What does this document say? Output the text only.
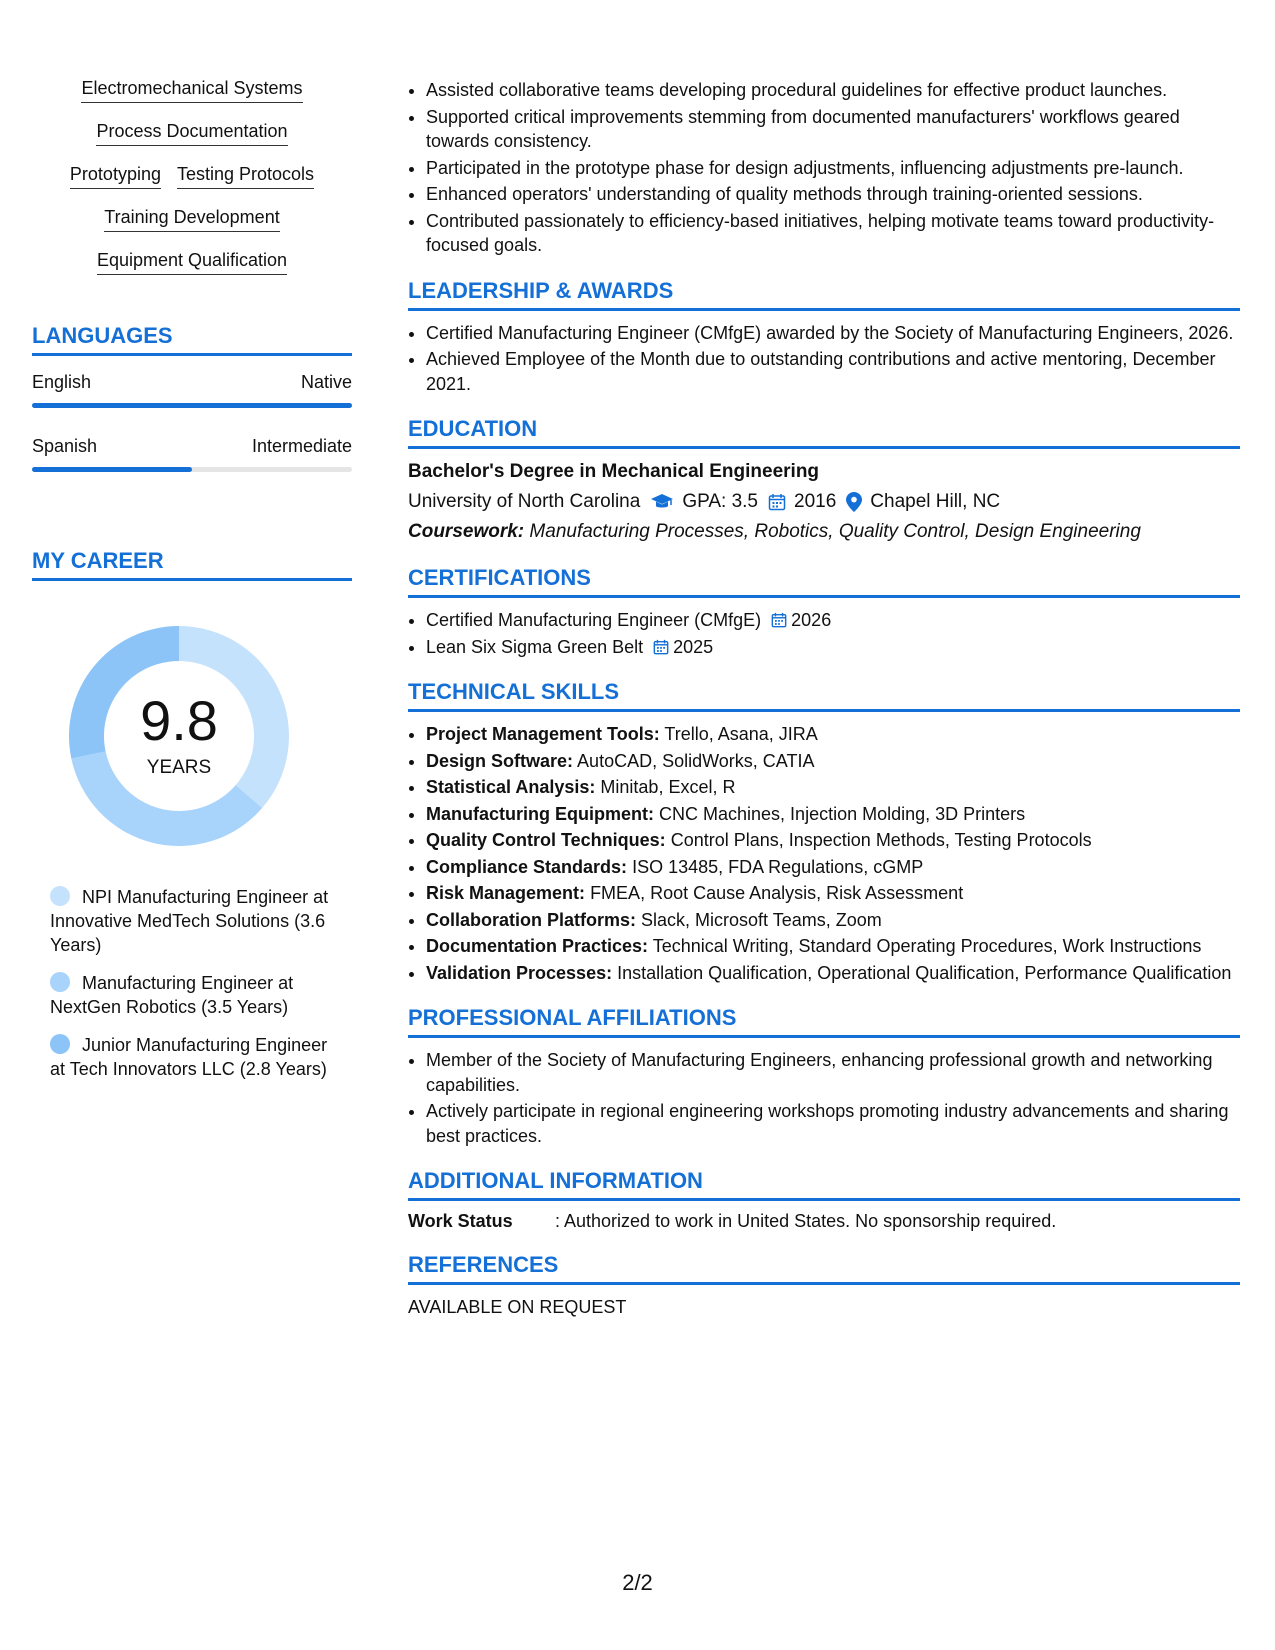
Electromechanical Systems
Process Documentation
Prototyping Testing Protocols
Training Development
Equipment Qualification
LANGUAGES
English	Native
Spanish	Intermediate
MY CAREER
9.8
YEARS
NPI Manufacturing Engineer at Innovative MedTech Solutions (3.6 Years)
Manufacturing Engineer at NextGen Robotics (3.5 Years)
Junior Manufacturing Engineer at Tech Innovators LLC (2.8 Years)
• Assisted collaborative teams developing procedural guidelines for effective product launches.
• Supported critical improvements stemming from documented manufacturers' workflows geared towards consistency.
• Participated in the prototype phase for design adjustments, influencing adjustments pre-launch.
• Enhanced operators' understanding of quality methods through training-oriented sessions.
• Contributed passionately to efficiency-based initiatives, helping motivate teams toward productivity-focused goals.
LEADERSHIP & AWARDS
• Certified Manufacturing Engineer (CMfgE) awarded by the Society of Manufacturing Engineers, 2026.
• Achieved Employee of the Month due to outstanding contributions and active mentoring, December 2021.
EDUCATION
Bachelor's Degree in Mechanical Engineering
University of North Carolina GPA: 3.5 2016 Chapel Hill, NC
Coursework: Manufacturing Processes, Robotics, Quality Control, Design Engineering
CERTIFICATIONS
• Certified Manufacturing Engineer (CMfgE) 2026
• Lean Six Sigma Green Belt 2025
TECHNICAL SKILLS
• Project Management Tools: Trello, Asana, JIRA
• Design Software: AutoCAD, SolidWorks, CATIA
• Statistical Analysis: Minitab, Excel, R
• Manufacturing Equipment: CNC Machines, Injection Molding, 3D Printers
• Quality Control Techniques: Control Plans, Inspection Methods, Testing Protocols
• Compliance Standards: ISO 13485, FDA Regulations, cGMP
• Risk Management: FMEA, Root Cause Analysis, Risk Assessment
• Collaboration Platforms: Slack, Microsoft Teams, Zoom
• Documentation Practices: Technical Writing, Standard Operating Procedures, Work Instructions
• Validation Processes: Installation Qualification, Operational Qualification, Performance Qualification
PROFESSIONAL AFFILIATIONS
• Member of the Society of Manufacturing Engineers, enhancing professional growth and networking capabilities.
• Actively participate in regional engineering workshops promoting industry advancements and sharing best practices.
ADDITIONAL INFORMATION
Work Status	: Authorized to work in United States. No sponsorship required.
REFERENCES
AVAILABLE ON REQUEST
2/2
